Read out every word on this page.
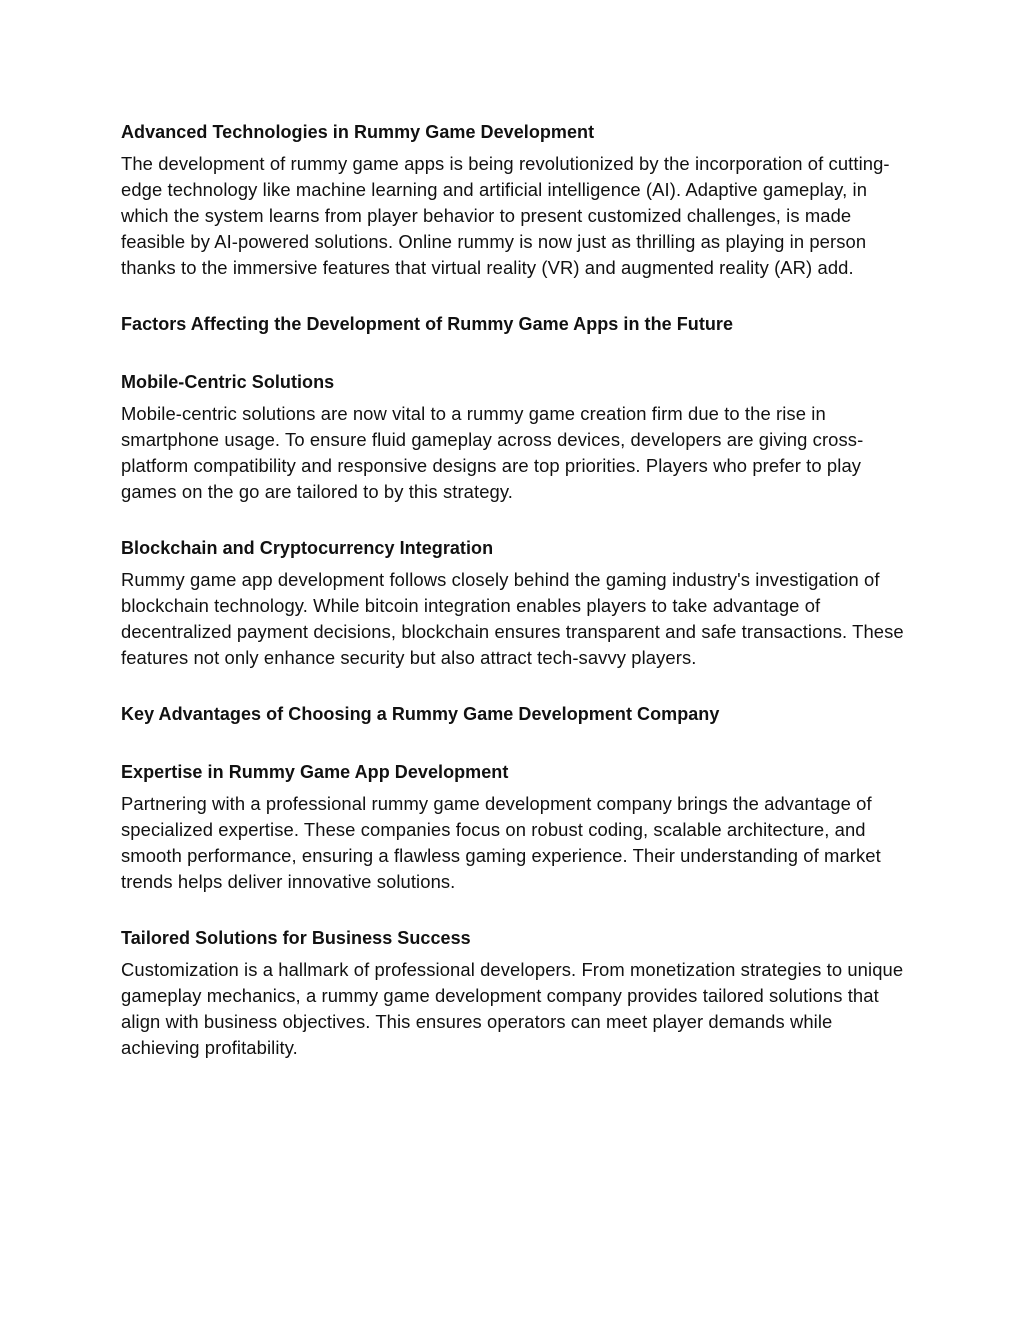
Advanced Technologies in Rummy Game Development

The development of rummy game apps is being revolutionized by the incorporation of cutting-edge technology like machine learning and artificial intelligence (AI). Adaptive gameplay, in which the system learns from player behavior to present customized challenges, is made feasible by AI-powered solutions. Online rummy is now just as thrilling as playing in person thanks to the immersive features that virtual reality (VR) and augmented reality (AR) add.

Factors Affecting the Development of Rummy Game Apps in the Future
Mobile-Centric Solutions

Mobile-centric solutions are now vital to a rummy game creation firm due to the rise in smartphone usage. To ensure fluid gameplay across devices, developers are giving cross-platform compatibility and responsive designs are top priorities. Players who prefer to play games on the go are tailored to by this strategy.

Blockchain and Cryptocurrency Integration

Rummy game app development follows closely behind the gaming industry's investigation of blockchain technology. While bitcoin integration enables players to take advantage of decentralized payment decisions, blockchain ensures transparent and safe transactions. These features not only enhance security but also attract tech-savvy players.

Key Advantages of Choosing a Rummy Game Development Company
Expertise in Rummy Game App Development

Partnering with a professional rummy game development company brings the advantage of specialized expertise. These companies focus on robust coding, scalable architecture, and smooth performance, ensuring a flawless gaming experience. Their understanding of market trends helps deliver innovative solutions.

Tailored Solutions for Business Success

Customization is a hallmark of professional developers. From monetization strategies to unique gameplay mechanics, a rummy game development company provides tailored solutions that align with business objectives. This ensures operators can meet player demands while achieving profitability.
